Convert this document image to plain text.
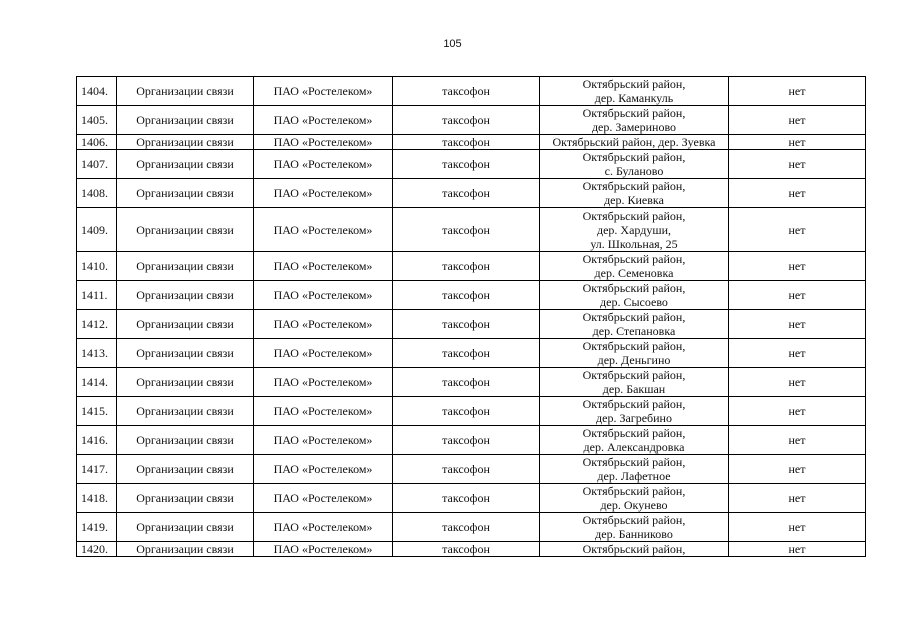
105
1404.	Организации связи	ПАО «Ростелеком»	таксофон	Октябрьский район,
дер. Каманкуль	нет
1405.	Организации связи	ПАО «Ростелеком»	таксофон	Октябрьский район,
дер. Замериново	нет
1406.	Организации связи	ПАО «Ростелеком»	таксофон	Октябрьский район, дер. Зуевка	нет
1407.	Организации связи	ПАО «Ростелеком»	таксофон	Октябрьский район,
с. Буланово	нет
1408.	Организации связи	ПАО «Ростелеком»	таксофон	Октябрьский район,
дер. Киевка	нет
1409.	Организации связи	ПАО «Ростелеком»	таксофон	Октябрьский район,
дер. Хардуши,
ул. Школьная, 25	нет
1410.	Организации связи	ПАО «Ростелеком»	таксофон	Октябрьский район,
дер. Семеновка	нет
1411.	Организации связи	ПАО «Ростелеком»	таксофон	Октябрьский район,
дер. Сысоево	нет
1412.	Организации связи	ПАО «Ростелеком»	таксофон	Октябрьский район,
дер. Степановка	нет
1413.	Организации связи	ПАО «Ростелеком»	таксофон	Октябрьский район,
дер. Деньгино	нет
1414.	Организации связи	ПАО «Ростелеком»	таксофон	Октябрьский район,
дер. Бакшан	нет
1415.	Организации связи	ПАО «Ростелеком»	таксофон	Октябрьский район,
дер. Загребино	нет
1416.	Организации связи	ПАО «Ростелеком»	таксофон	Октябрьский район,
дер. Александровка	нет
1417.	Организации связи	ПАО «Ростелеком»	таксофон	Октябрьский район,
дер. Лафетное	нет
1418.	Организации связи	ПАО «Ростелеком»	таксофон	Октябрьский район,
дер. Окунево	нет
1419.	Организации связи	ПАО «Ростелеком»	таксофон	Октябрьский район,
дер. Банниково	нет
1420.	Организации связи	ПАО «Ростелеком»	таксофон	Октябрьский район,	нет
